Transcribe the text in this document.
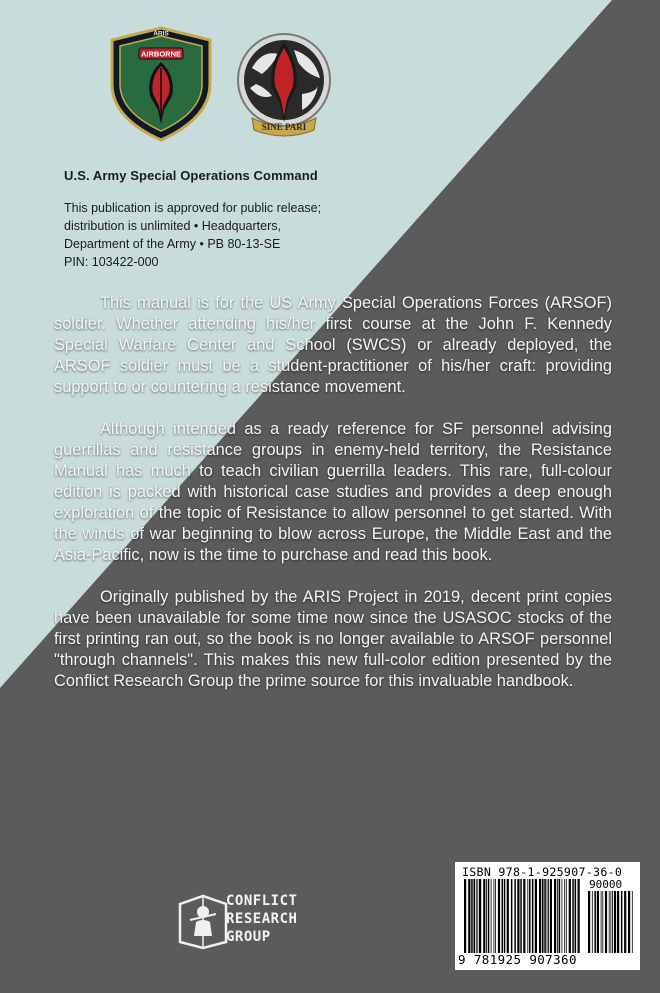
AIRBORNE
ARIS
SINE PARI
U.S. Army Special Operations Command
This publication is approved for public release;
distribution is unlimited • Headquarters,
Department of the Army • PB 80-13-SE
PIN: 103422-000

This manual is for the US Army Special Operations Forces (ARSOF) soldier. Whether attending his/her first course at the John F. Kennedy Special Warfare Center and School (SWCS) or already deployed, the ARSOF soldier must be a student-practitioner of his/her craft: providing support to or countering a resistance movement.

Although intended as a ready reference for SF personnel advising guerrillas and resistance groups in enemy-held territory, the Resistance Manual has much to teach civilian guerrilla leaders. This rare, full-colour edition is packed with historical case studies and provides a deep enough exploration of the topic of Resistance to allow personnel to get started. With the winds of war beginning to blow across Europe, the Middle East and the Asia-Pacific, now is the time to purchase and read this book.

Originally published by the ARIS Project in 2019, decent print copies have been unavailable for some time now since the USASOC stocks of the first printing ran out, so the book is no longer available to ARSOF personnel "through channels". This makes this new full-color edition presented by the Conflict Research Group the prime source for this invaluable handbook.

CONFLICT
RESEARCH
GROUP
ISBN 978-1-925907-36-0
90000
9 781925 907360
